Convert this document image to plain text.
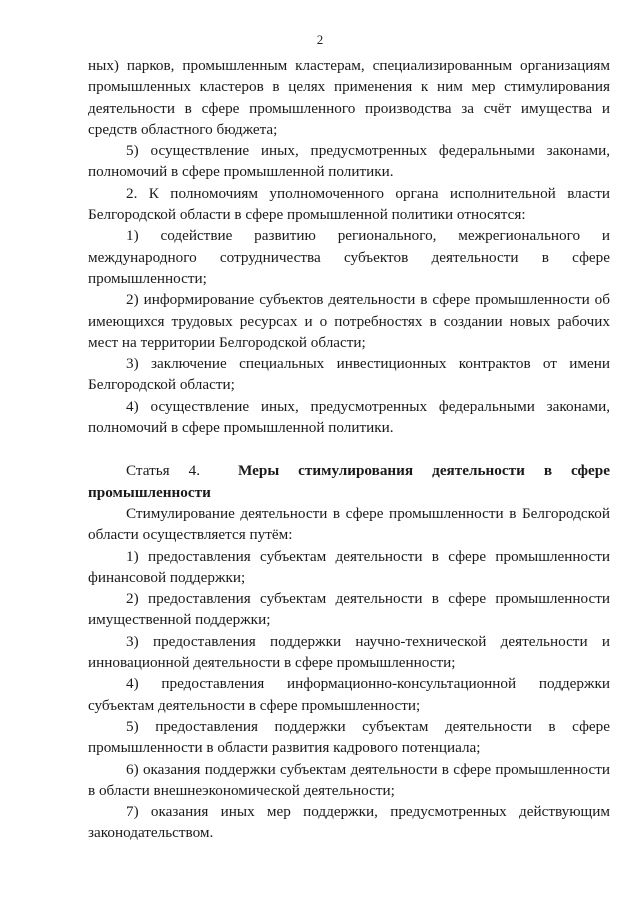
2

ных) парков, промышленным кластерам, специализированным организациям промышленных кластеров в целях применения к ним мер стимулирования деятельности в сфере промышленного производства за счёт имущества и средств областного бюджета;

5) осуществление иных, предусмотренных федеральными законами, полномочий в сфере промышленной политики.

2. К полномочиям уполномоченного органа исполнительной власти Белгородской области в сфере промышленной политики относятся:

1) содействие развитию регионального, межрегионального и международного сотрудничества субъектов деятельности в сфере промышленности;

2) информирование субъектов деятельности в сфере промышленности об имеющихся трудовых ресурсах и о потребностях в создании новых рабочих мест на территории Белгородской области;

3) заключение специальных инвестиционных контрактов от имени Белгородской области;

4) осуществление иных, предусмотренных федеральными законами, полномочий в сфере промышленной политики.

Статья 4. Меры стимулирования деятельности в сфере промышленности

Стимулирование деятельности в сфере промышленности в Белгородской области осуществляется путём:

1) предоставления субъектам деятельности в сфере промышленности финансовой поддержки;

2) предоставления субъектам деятельности в сфере промышленности имущественной поддержки;

3) предоставления поддержки научно-технической деятельности и инновационной деятельности в сфере промышленности;

4) предоставления информационно-консультационной поддержки субъектам деятельности в сфере промышленности;

5) предоставления поддержки субъектам деятельности в сфере промышленности в области развития кадрового потенциала;

6) оказания поддержки субъектам деятельности в сфере промышленности в области внешнеэкономической деятельности;

7) оказания иных мер поддержки, предусмотренных действующим законодательством.
